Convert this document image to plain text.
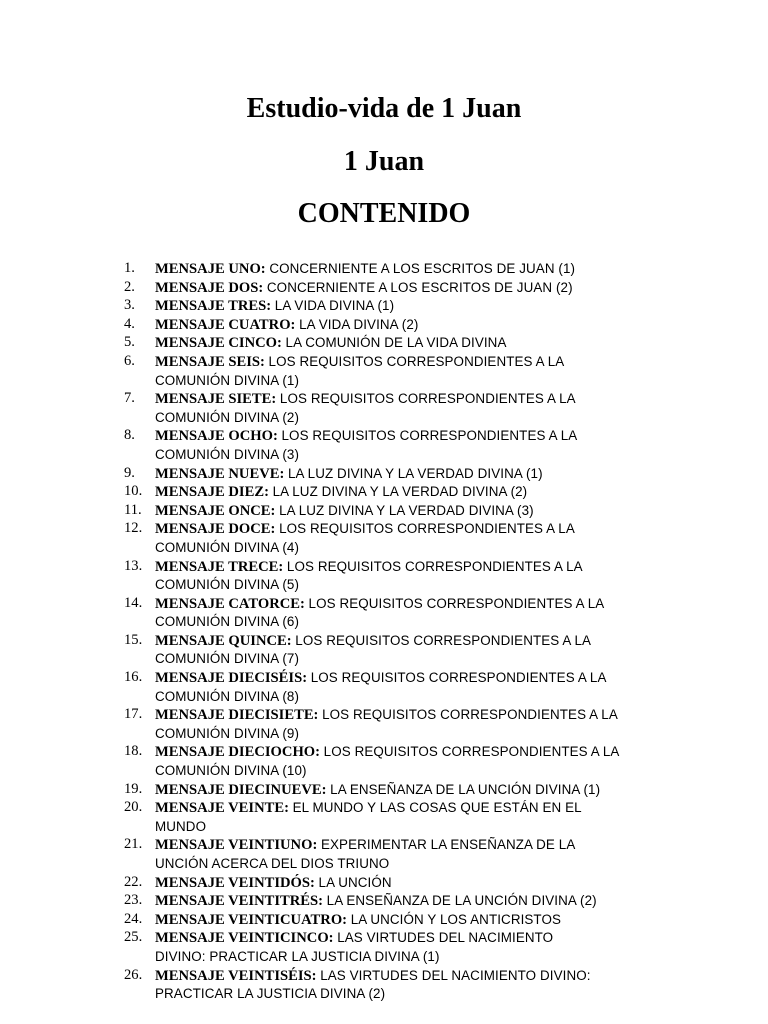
Estudio-vida de 1 Juan
1 Juan
CONTENIDO
1.	MENSAJE UNO: CONCERNIENTE A LOS ESCRITOS DE JUAN (1)
2.	MENSAJE DOS: CONCERNIENTE A LOS ESCRITOS DE JUAN (2)
3.	MENSAJE TRES: LA VIDA DIVINA (1)
4.	MENSAJE CUATRO: LA VIDA DIVINA (2)
5.	MENSAJE CINCO: LA COMUNIÓN DE LA VIDA DIVINA
6.	MENSAJE SEIS: LOS REQUISITOS CORRESPONDIENTES A LA
COMUNIÓN DIVINA (1)
7.	MENSAJE SIETE: LOS REQUISITOS CORRESPONDIENTES A LA
COMUNIÓN DIVINA (2)
8.	MENSAJE OCHO: LOS REQUISITOS CORRESPONDIENTES A LA
COMUNIÓN DIVINA (3)
9.	MENSAJE NUEVE: LA LUZ DIVINA Y LA VERDAD DIVINA (1)
10. MENSAJE DIEZ: LA LUZ DIVINA Y LA VERDAD DIVINA (2)
11. MENSAJE ONCE: LA LUZ DIVINA Y LA VERDAD DIVINA (3)
12. MENSAJE DOCE: LOS REQUISITOS CORRESPONDIENTES A LA
COMUNIÓN DIVINA (4)
13. MENSAJE TRECE: LOS REQUISITOS CORRESPONDIENTES A LA
COMUNIÓN DIVINA (5)
14. MENSAJE CATORCE: LOS REQUISITOS CORRESPONDIENTES A LA
COMUNIÓN DIVINA (6)
15. MENSAJE QUINCE: LOS REQUISITOS CORRESPONDIENTES A LA
COMUNIÓN DIVINA (7)
16. MENSAJE DIECISÉIS: LOS REQUISITOS CORRESPONDIENTES A LA
COMUNIÓN DIVINA (8)
17. MENSAJE DIECISIETE: LOS REQUISITOS CORRESPONDIENTES A LA
COMUNIÓN DIVINA (9)
18. MENSAJE DIECIOCHO: LOS REQUISITOS CORRESPONDIENTES A LA
COMUNIÓN DIVINA (10)
19. MENSAJE DIECINUEVE: LA ENSEÑANZA DE LA UNCIÓN DIVINA (1)
20. MENSAJE VEINTE: EL MUNDO Y LAS COSAS QUE ESTÁN EN EL
MUNDO
21. MENSAJE VEINTIUNO: EXPERIMENTAR LA ENSEÑANZA DE LA
UNCIÓN ACERCA DEL DIOS TRIUNO
22. MENSAJE VEINTIDÓS: LA UNCIÓN
23. MENSAJE VEINTITRÉS: LA ENSEÑANZA DE LA UNCIÓN DIVINA (2)
24. MENSAJE VEINTICUATRO: LA UNCIÓN Y LOS ANTICRISTOS
25. MENSAJE VEINTICINCO: LAS VIRTUDES DEL NACIMIENTO
DIVINO: PRACTICAR LA JUSTICIA DIVINA (1)
26. MENSAJE VEINTISÉIS: LAS VIRTUDES DEL NACIMIENTO DIVINO:
PRACTICAR LA JUSTICIA DIVINA (2)
